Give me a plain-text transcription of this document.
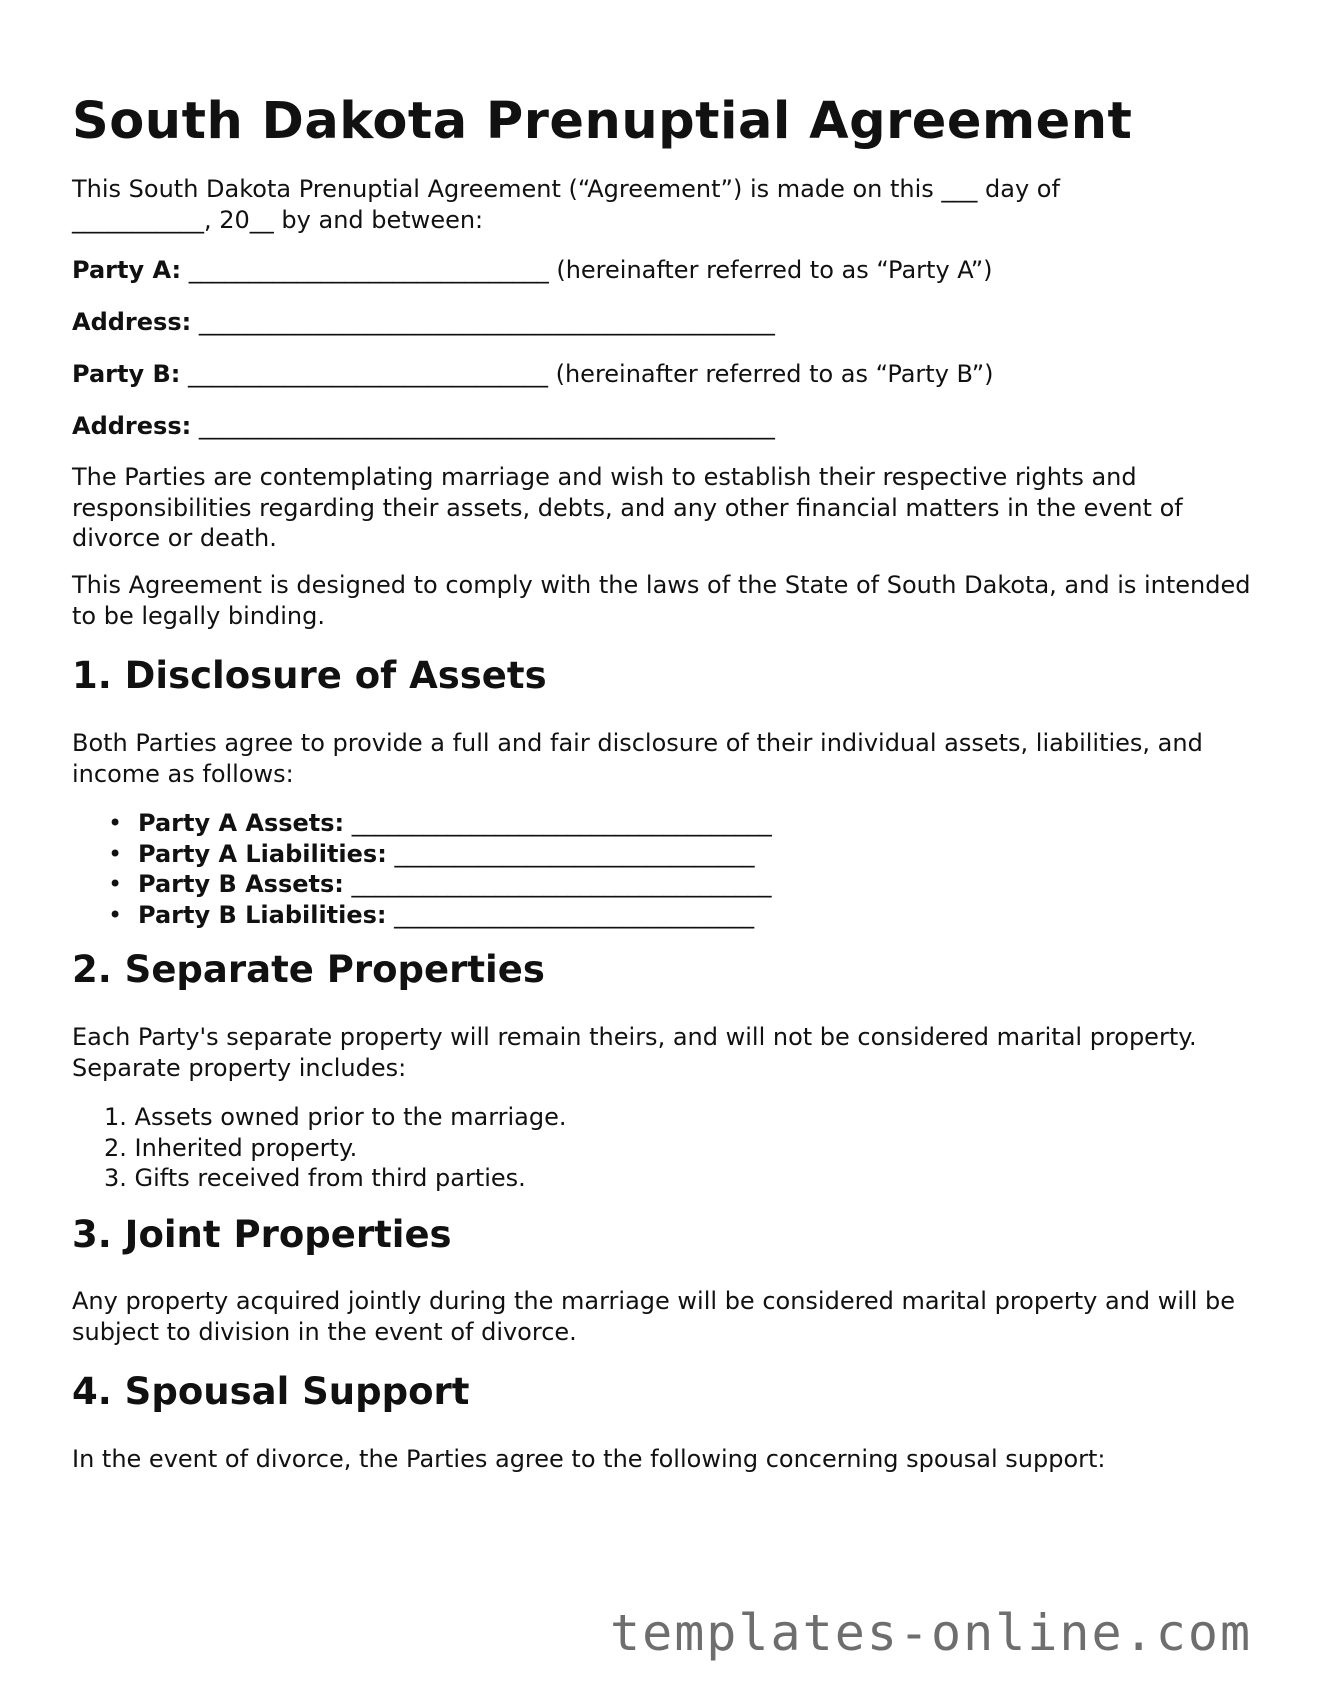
South Dakota Prenuptial Agreement

This South Dakota Prenuptial Agreement (“Agreement”) is made on this ___ day of
___________, 20__ by and between:

Party A: ______________________________ (hereinafter referred to as “Party A”)

Address: ________________________________________________

Party B: ______________________________ (hereinafter referred to as “Party B”)

Address: ________________________________________________

The Parties are contemplating marriage and wish to establish their respective rights and responsibilities regarding their assets, debts, and any other financial matters in the event of divorce or death.

This Agreement is designed to comply with the laws of the State of South Dakota, and is intended to be legally binding.

1. Disclosure of Assets

Both Parties agree to provide a full and fair disclosure of their individual assets, liabilities, and income as follows:

• Party A Assets: ___________________________________
• Party A Liabilities: ______________________________
• Party B Assets: ___________________________________
• Party B Liabilities: ______________________________
2. Separate Properties

Each Party's separate property will remain theirs, and will not be considered marital property. Separate property includes:

1. Assets owned prior to the marriage.
2. Inherited property.
3. Gifts received from third parties.
3. Joint Properties

Any property acquired jointly during the marriage will be considered marital property and will be subject to division in the event of divorce.

4. Spousal Support

In the event of divorce, the Parties agree to the following concerning spousal support:

templates-online.com
